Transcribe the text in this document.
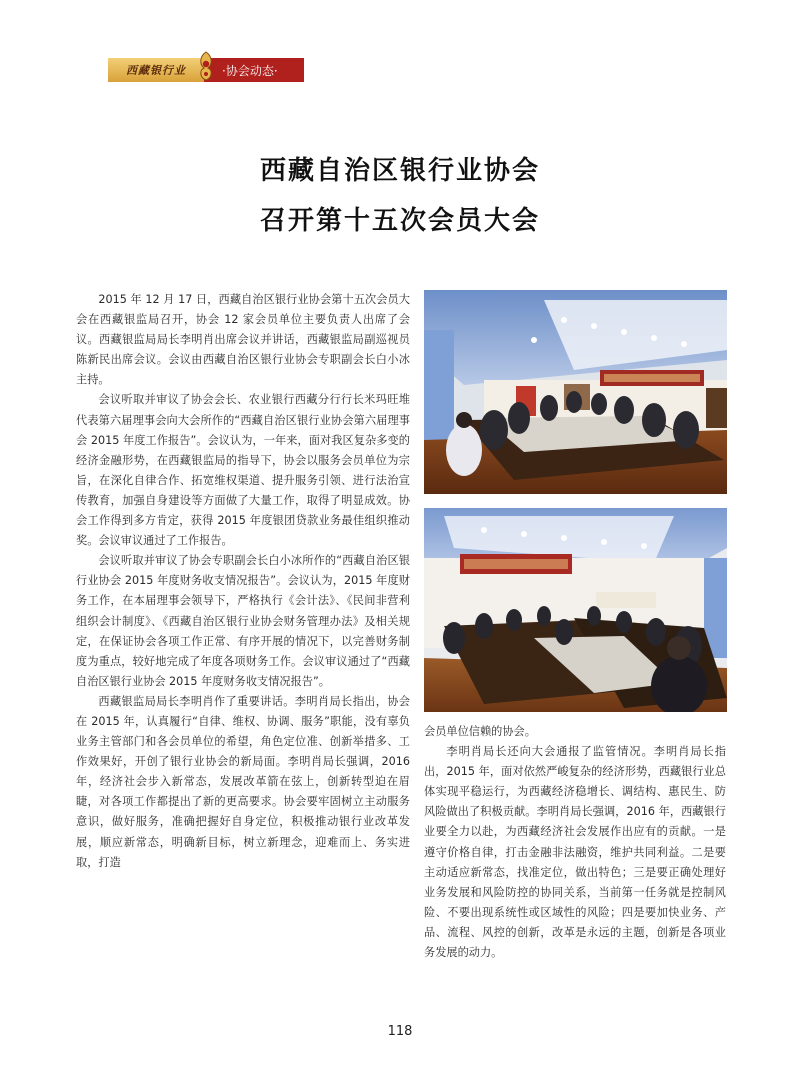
西藏银行业	·协会动态·
西藏自治区银行业协会
召开第十五次会员大会

2015 年 12 月 17 日，西藏自治区银行业协会第十五次会员大会在西藏银监局召开，协会 12 家会员单位主要负责人出席了会议。西藏银监局局长李明肖出席会议并讲话，西藏银监局副巡视员陈新民出席会议。会议由西藏自治区银行业协会专职副会长白小冰主持。

会议听取并审议了协会会长、农业银行西藏分行行长米玛旺堆代表第六届理事会向大会所作的“西藏自治区银行业协会第六届理事会 2015 年度工作报告”。会议认为，一年来，面对我区复杂多变的经济金融形势，在西藏银监局的指导下，协会以服务会员单位为宗旨，在深化自律合作、拓宽维权渠道、提升服务引领、进行法治宣传教育，加强自身建设等方面做了大量工作，取得了明显成效。协会工作得到多方肯定，获得 2015 年度银团贷款业务最佳组织推动奖。会议审议通过了工作报告。

会议听取并审议了协会专职副会长白小冰所作的“西藏自治区银行业协会 2015 年度财务收支情况报告”。会议认为，2015 年度财务工作，在本届理事会领导下，严格执行《会计法》、《民间非营利组织会计制度》、《西藏自治区银行业协会财务管理办法》及相关规定，在保证协会各项工作正常、有序开展的情况下，以完善财务制度为重点，较好地完成了年度各项财务工作。会议审议通过了“西藏自治区银行业协会 2015 年度财务收支情况报告”。

西藏银监局局长李明肖作了重要讲话。李明肖局长指出，协会在 2015 年，认真履行“自律、维权、协调、服务”职能，没有辜负业务主管部门和各会员单位的希望，角色定位准、创新举措多、工作效果好，开创了银行业协会的新局面。李明肖局长强调，2016 年，经济社会步入新常态，发展改革箭在弦上，创新转型迫在眉睫，对各项工作都提出了新的更高要求。协会要牢固树立主动服务意识，做好服务，准确把握好自身定位，积极推动银行业改革发展，顺应新常态，明确新目标，树立新理念，迎难而上、务实进取，打造

会员单位信赖的协会。

李明肖局长还向大会通报了监管情况。李明肖局长指出，2015 年，面对依然严峻复杂的经济形势，西藏银行业总体实现平稳运行，为西藏经济稳增长、调结构、惠民生、防风险做出了积极贡献。李明肖局长强调，2016 年，西藏银行业要全力以赴，为西藏经济社会发展作出应有的贡献。一是遵守价格自律，打击金融非法融资，维护共同利益。二是要主动适应新常态，找准定位，做出特色；三是要正确处理好业务发展和风险防控的协同关系，当前第一任务就是控制风险、不要出现系统性或区域性的风险；四是要加快业务、产品、流程、风控的创新，改革是永远的主题，创新是各项业务发展的动力。

118
